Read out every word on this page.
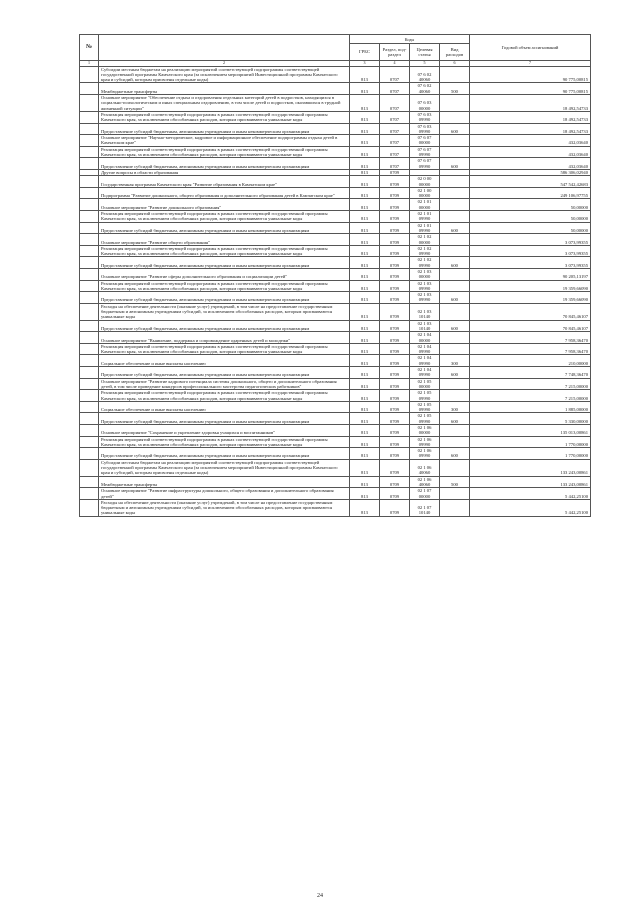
№		Коды				Годовой объем ассигнований
		ГРБС	Раздел, под-раздел	Целевая статья	Вид расходов	

1	2	3	4	5	6	7
	Субсидии местным бюджетам на реализацию мероприятий соответствующей подпрограммы соответствующей государственной программы Камчатского края (за исключением мероприятий Инвестиционной программы Камчатского края и субсидий, которым присвоены отдельные коды)	813	0707	07 6 02 40060		90 775,00815
	Межбюджетные трансферты	813	0707	07 6 02 40060	500	90 775,00815
	Основное мероприятие "Обеспечение отдыха и оздоровления отдельных категорий детей в подростков, находящихся в социально-психологическим и иных специальным оздоровлению, в том числе детей и подростков, оказавшихся в трудной жизненной ситуации"	813	0707	07 6 03 00000		18 492,54733
	Реализация мероприятий соответствующей подпрограммы в рамках соответствующей государственной программы Камчатского края, за исключением обособленных расходов, которым присваиваются уникальные коды	813	0707	07 6 03 09990		18 492,54733
	Предоставление субсидий бюджетным, автономным учреждениям и иным некоммерческим организациям	813	0707	07 6 03 09990	600	18 492,54733
	Основное мероприятие "Научно-методическое, кадровое и информационное обеспечение подпрограммы отдыха детей в Камчатском крае"	813	0707	07 6 07 00000		432,03640
	Реализация мероприятий соответствующей подпрограммы в рамках соответствующей государственной программы Камчатского края, за исключением обособленных расходов, которым присваиваются уникальные коды	813	0707	07 6 07 09990		432,03640
	Предоставление субсидий бюджетным, автономным учреждениям и иным некоммерческим организациям	813	0707	07 6 07 09990	600	432,03640
	Другие вопросы в области образования	813	0709			586 306,02940
	Государственная программа Камчатского края "Развитие образования в Камчатском крае"	813	0709	02 0 00 00000		547 542,42683
	Подпрограмма "Развитие дошкольного, общего образования и дополнительного образования детей в Камчатском крае"	813	0709	02 1 00 00000		249 106,97755
	Основное мероприятие "Развитие дошкольного образования"	813	0709	02 1 01 00000		50,00000
	Реализация мероприятий соответствующей подпрограммы в рамках соответствующей государственной программы Камчатского края, за исключением обособленных расходов, которым присваиваются уникальные коды	813	0709	02 1 01 09990		50,00000
	Предоставление субсидий бюджетным, автономным учреждениям и иным некоммерческим организациям	813	0709	02 1 01 09990	600	50,00000
	Основное мероприятие "Развитие общего образования"	813	0709	02 1 02 00000		3 073,99355
	Реализация мероприятий соответствующей подпрограммы в рамках соответствующей государственной программы Камчатского края, за исключением обособленных расходов, которым присваиваются уникальные коды	813	0709	02 1 02 09990		3 073,99355
	Предоставление субсидий бюджетным, автономным учреждениям и иным некоммерческим организациям	813	0709	02 1 02 09990	600	3 073,99355
	Основное мероприятие "Развитие сферы дополнительного образования и социализации детей"	813	0709	02 1 03 00000		90 205,13197
	Реализация мероприятий соответствующей подпрограммы в рамках соответствующей государственной программы Камчатского края, за исключением обособленных расходов, которым присваиваются уникальные коды	813	0709	02 1 03 09990		19 359,66090
	Предоставление субсидий бюджетным, автономным учреждениям и иным некоммерческим организациям	813	0709	02 1 03 09990	600	19 359,66090
	Расходы на обеспечение деятельности (оказание услуг) учреждений, в том числе на предоставление государственным бюджетным и автономным учреждениям субсидий, за исключением обособленных расходов, которым присваиваются уникальные коды	813	0709	02 1 03 10140		70 845,46107
	Предоставление субсидий бюджетным, автономным учреждениям и иным некоммерческим организациям	813	0709	02 1 03 10140	600	70 845,46107
	Основное мероприятие "Выявление, поддержка и сопровождение одаренных детей и молодежи"	813	0709	02 1 04 00000		7 958,36470
	Реализация мероприятий соответствующей подпрограммы в рамках соответствующей государственной программы Камчатского края, за исключением обособленных расходов, которым присваиваются уникальные коды	813	0709	02 1 04 09990		7 958,36470
	Социальное обеспечение и иные выплаты населению	813	0709	02 1 04 09990	300	210,00000
	Предоставление субсидий бюджетным, автономным учреждениям и иным некоммерческим организациям	813	0709	02 1 04 09990	600	7 748,36470
	Основное мероприятие "Развитие кадрового потенциала системы дошкольного, общего и дополнительного образования детей, в том числе проведение конкурсов профессионального мастерства педагогических работников"	813	0709	02 1 05 00000		7 215,00000
	Реализация мероприятий соответствующей подпрограммы в рамках соответствующей государственной программы Камчатского края, за исключением обособленных расходов, которым присваиваются уникальные коды	813	0709	02 1 05 09990		7 215,00000
	Социальное обеспечение и иные выплаты населению	813	0709	02 1 05 09990	300	1 885,00000
	Предоставление субсидий бюджетным, автономным учреждениям и иным некоммерческим организациям	813	0709	02 1 05 09990	600	5 330,00000
	Основное мероприятие "Сохранение и укрепление здоровья учащихся и воспитанников"	813	0709	02 1 06 00000		135 013,00861
	Реализация мероприятий соответствующей подпрограммы в рамках соответствующей государственной программы Камчатского края, за исключением обособленных расходов, которым присваиваются уникальные коды	813	0709	02 1 06 09990		1 770,00000
	Предоставление субсидий бюджетным, автономным учреждениям и иным некоммерческим организациям	813	0709	02 1 06 09990	600	1 770,00000
	Субсидии местным бюджетам на реализацию мероприятий соответствующей подпрограммы соответствующей государственной программы Камчатского края (за исключением мероприятий Инвестиционной программы Камчатского края и субсидий, которым присвоены отдельные коды)	813	0709	02 1 06 40060		133 243,00861
	Межбюджетные трансферты	813	0709	02 1 06 40060	500	133 243,00861
	Основное мероприятие "Развитие инфраструктуры дошкольного, общего образования и дополнительного образования детей"	813	0709	02 1 07 00000		5 442,25100
	Расходы на обеспечение деятельности (оказание услуг) учреждений, в том числе на предоставление государственным бюджетным и автономным учреждениям субсидий, за исключением обособленных расходов, которым присваиваются уникальные коды	813	0709	02 1 07 10140		5 442,25100
24
